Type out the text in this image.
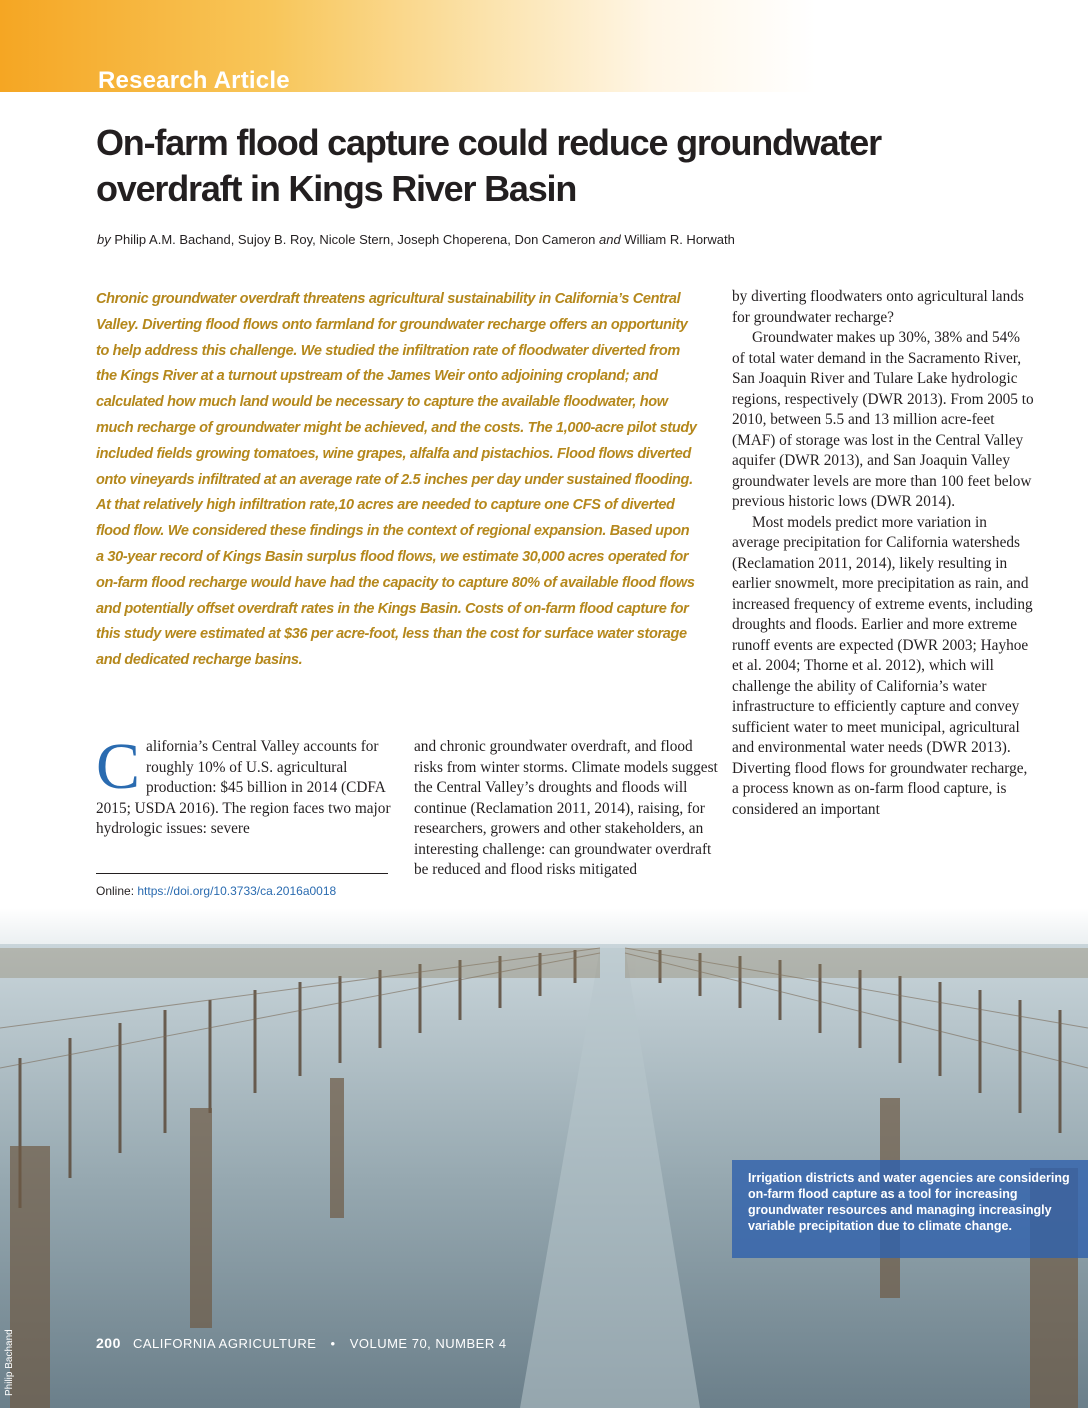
Research Article
On-farm flood capture could reduce groundwater overdraft in Kings River Basin
by Philip A.M. Bachand, Sujoy B. Roy, Nicole Stern, Joseph Choperena, Don Cameron and William R. Horwath

Chronic groundwater overdraft threatens agricultural sustainability in California’s Central Valley. Diverting flood flows onto farmland for groundwater recharge offers an opportunity to help address this challenge. We studied the infiltration rate of floodwater diverted from the Kings River at a turnout upstream of the James Weir onto adjoining cropland; and calculated how much land would be necessary to capture the available floodwater, how much recharge of groundwater might be achieved, and the costs. The 1,000-acre pilot study included fields growing tomatoes, wine grapes, alfalfa and pistachios. Flood flows diverted onto vineyards infiltrated at an average rate of 2.5 inches per day under sustained flooding. At that relatively high infiltration rate,10 acres are needed to capture one CFS of diverted flood flow. We considered these findings in the context of regional expansion. Based upon a 30-year record of Kings Basin surplus flood flows, we estimate 30,000 acres operated for on-farm flood recharge would have had the capacity to capture 80% of available flood flows and potentially offset overdraft rates in the Kings Basin. Costs of on-farm flood capture for this study were estimated at $36 per acre-foot, less than the cost for surface water storage and dedicated recharge basins.

California’s Central Valley accounts for roughly 10% of U.S. agricultural production: $45 billion in 2014 (CDFA 2015; USDA 2016). The region faces two major hydrologic issues: severe

Online: https://doi.org/10.3733/ca.2016a0018

and chronic groundwater overdraft, and flood risks from winter storms. Climate models suggest the Central Valley’s droughts and floods will continue (Reclamation 2011, 2014), raising, for researchers, growers and other stakeholders, an interesting challenge: can groundwater overdraft be reduced and flood risks mitigated

by diverting floodwaters onto agricultural lands for groundwater recharge?

Groundwater makes up 30%, 38% and 54% of total water demand in the Sacramento River, San Joaquin River and Tulare Lake hydrologic regions, respectively (DWR 2013). From 2005 to 2010, between 5.5 and 13 million acre-feet (MAF) of storage was lost in the Central Valley aquifer (DWR 2013), and San Joaquin Valley groundwater levels are more than 100 feet below previous historic lows (DWR 2014).

Most models predict more variation in average precipitation for California watersheds (Reclamation 2011, 2014), likely resulting in earlier snowmelt, more precipitation as rain, and increased frequency of extreme events, including droughts and floods. Earlier and more extreme runoff events are expected (DWR 2003; Hayhoe et al. 2004; Thorne et al. 2012), which will challenge the ability of California’s water infrastructure to efficiently capture and convey sufficient water to meet municipal, agricultural and environmental water needs (DWR 2013). Diverting flood flows for groundwater recharge, a process known as on-farm flood capture, is considered an important

Irrigation districts and water agencies are considering on-farm flood capture as a tool for increasing groundwater resources and managing increasingly variable precipitation due to climate change.
200 CALIFORNIA AGRICULTURE • VOLUME 70, NUMBER 4
Philip Bachand
